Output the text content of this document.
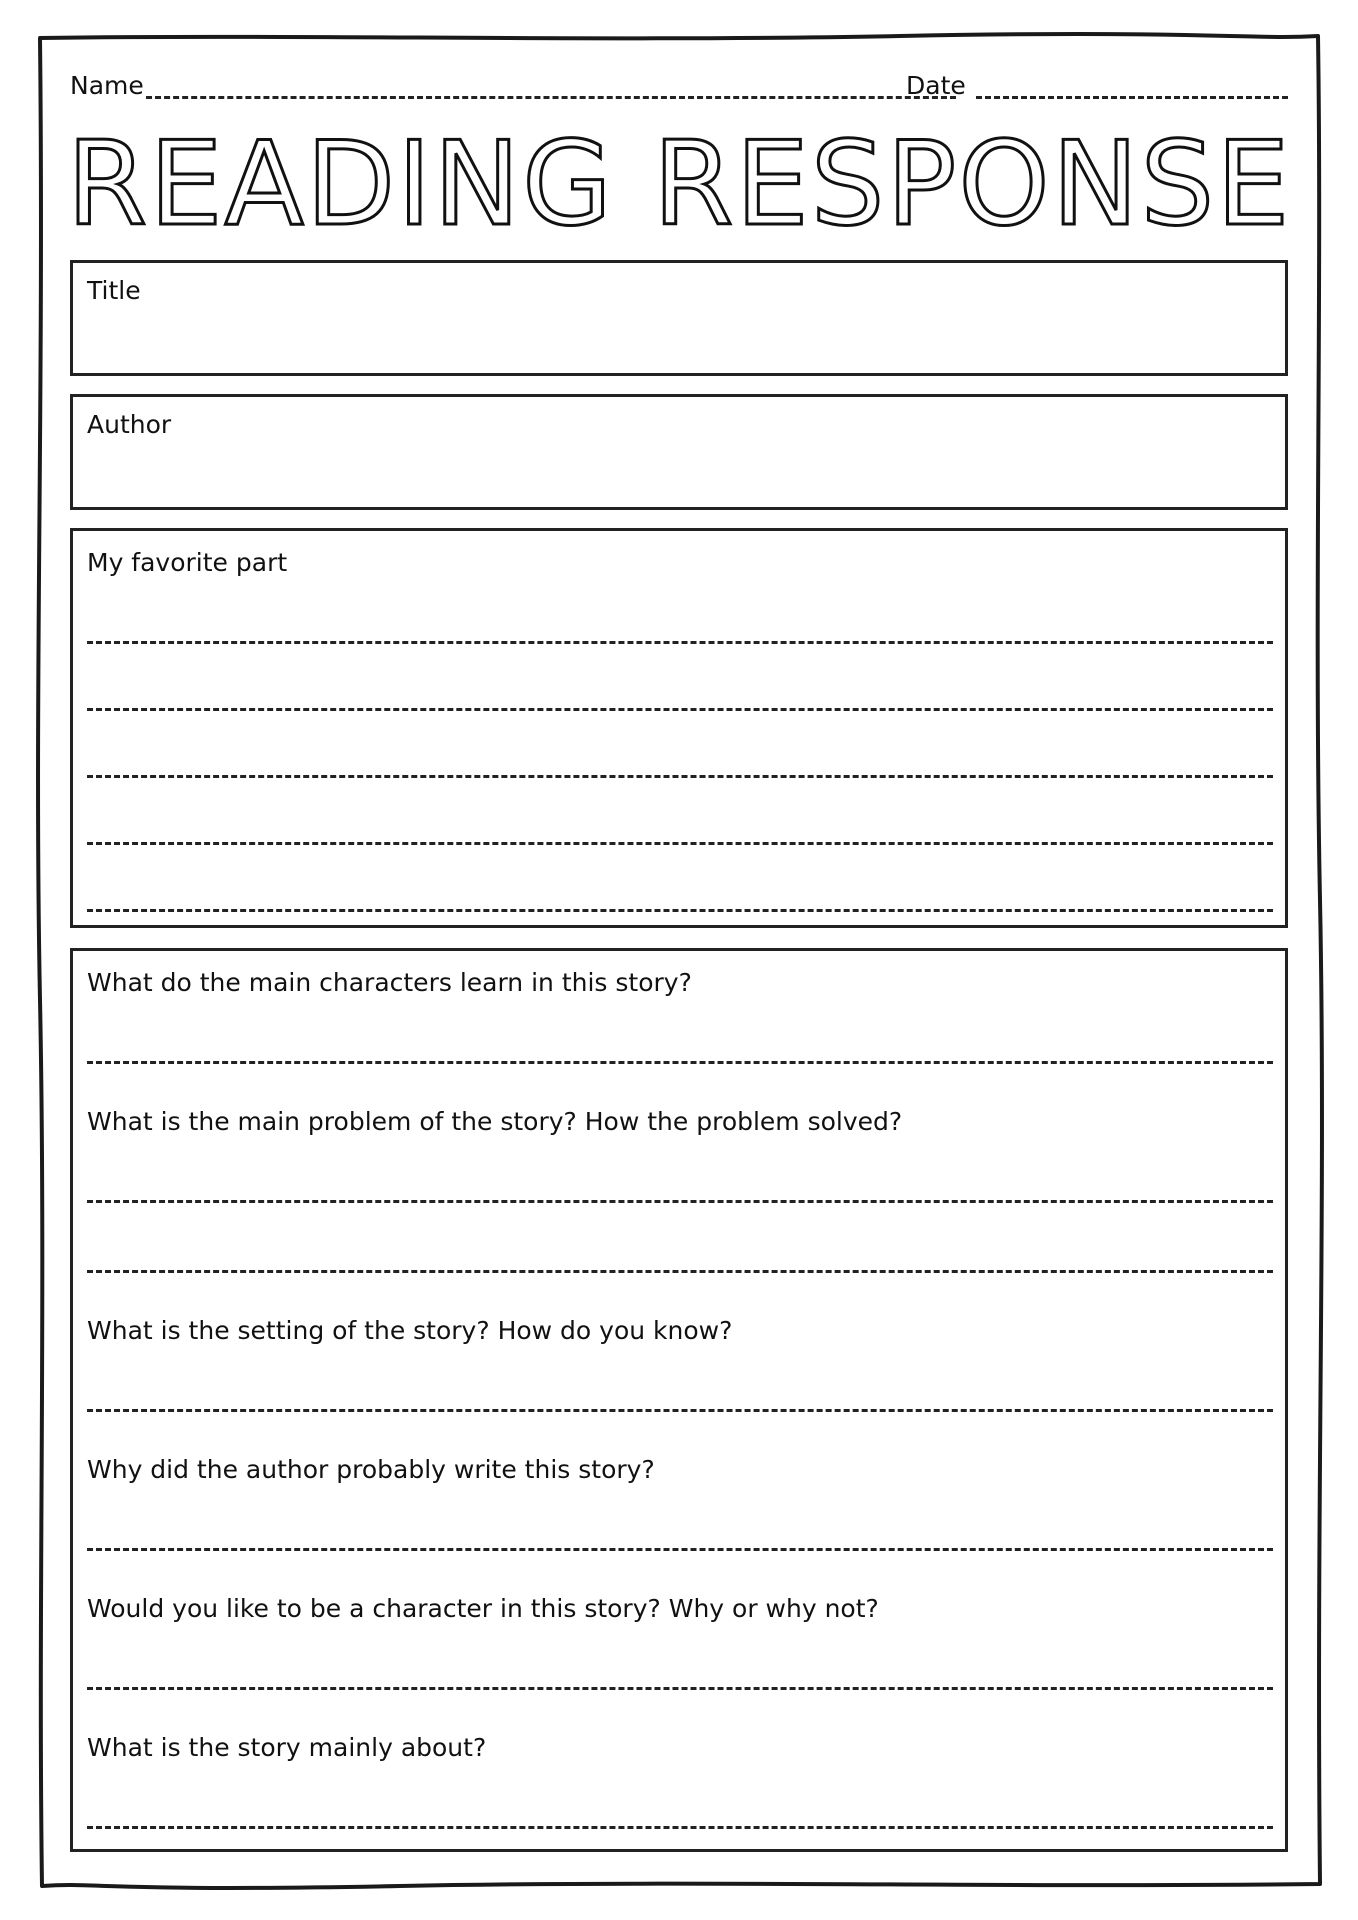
Name	Date
READING RESPONSE
Title
Author
My favorite part
What do the main characters learn in this story?
What is the main problem of the story? How the problem solved?
What is the setting of the story? How do you know?
Why did the author probably write this story?
Would you like to be a character in this story? Why or why not?
What is the story mainly about?
